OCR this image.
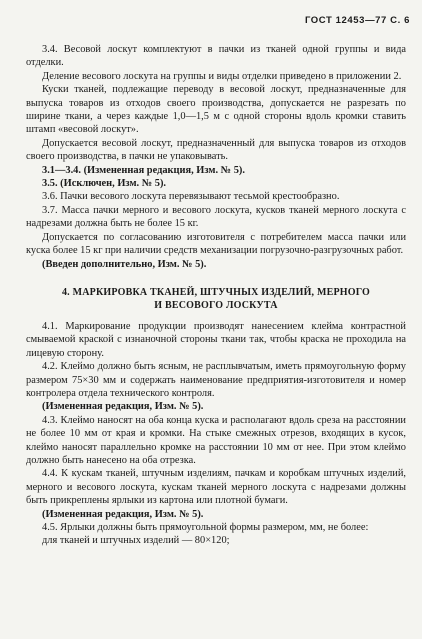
ГОСТ 12453—77 С. 6

3.4. Весовой лоскут комплектуют в пачки из тканей одной группы и вида отделки.

Деление весового лоскута на группы и виды отделки приведено в приложении 2.

Куски тканей, подлежащие переводу в весовой лоскут, предназначенные для выпуска товаров из отходов своего производства, допускается не разрезать по ширине ткани, а через каждые 1,0—1,5 м с одной стороны вдоль кромки ставить штамп «весовой лоскут».

Допускается весовой лоскут, предназначенный для выпуска товаров из отходов своего производства, в пачки не упаковывать.

3.1—3.4. (Измененная редакция, Изм. № 5).

3.5. (Исключен, Изм. № 5).

3.6. Пачки весового лоскута перевязывают тесьмой крестообразно.

3.7. Масса пачки мерного и весового лоскута, кусков тканей мерного лоскута с надрезами должна быть не более 15 кг.

Допускается по согласованию изготовителя с потребителем масса пачки или куска более 15 кг при наличии средств механизации погрузочно-разгрузочных работ.

(Введен дополнительно, Изм. № 5).

4. МАРКИРОВКА ТКАНЕЙ, ШТУЧНЫХ ИЗДЕЛИЙ, МЕРНОГО
И ВЕСОВОГО ЛОСКУТА

4.1. Маркирование продукции производят нанесением клейма контрастной смываемой краской с изнаночной стороны ткани так, чтобы краска не проходила на лицевую сторону.

4.2. Клеймо должно быть ясным, не расплывчатым, иметь прямоугольную форму размером 75×30 мм и содержать наименование предприятия-изготовителя и номер контролера отдела технического контроля.

(Измененная редакция, Изм. № 5).

4.3. Клеймо наносят на оба конца куска и располагают вдоль среза на расстоянии не более 10 мм от края и кромки. На стыке смежных отрезов, входящих в кусок, клеймо наносят параллельно кромке на расстоянии 10 мм от нее. При этом клеймо должно быть нанесено на оба отрезка.

4.4. К кускам тканей, штучным изделиям, пачкам и коробкам штучных изделий, мерного и весового лоскута, кускам тканей мерного лоскута с надрезами должны быть прикреплены ярлыки из картона или плотной бумаги.

(Измененная редакция, Изм. № 5).

4.5. Ярлыки должны быть прямоугольной формы размером, мм, не более:

для тканей и штучных изделий — 80×120;
